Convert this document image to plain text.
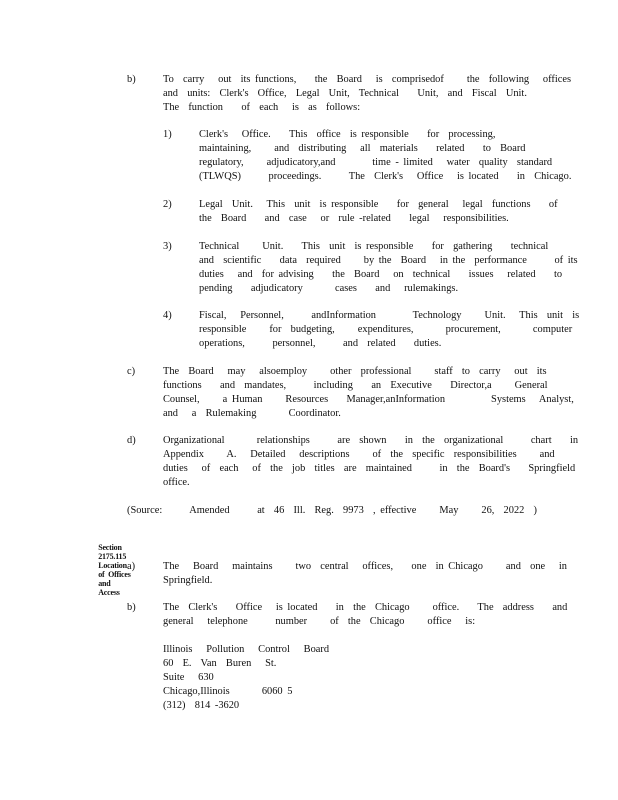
b)	To  carry   out  its functions,    the  Board   is  comprisedof     the  following   offices
and  units:  Clerk's  Office,  Legal  Unit,  Technical    Unit,  and  Fiscal  Unit.
The  function    of  each   is  as  follows:
1)	Clerk's   Office.    This  office  is responsible    for  processing,
maintaining,     and  distributing   all  materials    related    to  Board
regulatory,     adjudicatory,and        time - limited   water  quality  standard
(TLWQS)      proceedings.      The  Clerk's   Office   is located    in  Chicago.
2)	Legal  Unit.   This  unit  is responsible    for  general   legal  functions    of
the  Board    and  case   or  rule -related    legal   responsibilities.
3)	Technical     Unit.    This  unit  is responsible    for  gathering    technical
and  scientific    data  required     by the  Board   in the  performance      of its
duties   and  for advising    the  Board   on  technical    issues   related    to
pending    adjudicatory       cases    and   rulemakings.
4)	Fiscal,   Personnel,      andInformation        Technology     Unit.   This  unit  is
responsible     for  budgeting,     expenditures,       procurement,       computer
operations,      personnel,      and  related    duties.
c)	The  Board   may   alsoemploy     other  professional     staff  to  carry   out  its
functions    and  mandates,      including    an  Executive    Director,a     General
Counsel,     a Human     Resources    Manager,anInformation          Systems   Analyst,
and   a  Rulemaking       Coordinator.
d)	Organizational       relationships      are  shown    in  the  organizational      chart    in
Appendix     A.   Detailed   descriptions     of  the  specific  responsibilities     and
duties   of  each   of  the  job  titles  are  maintained      in  the  Board's    Springfield
office.
(Source:      Amended      at  46  Ill.  Reg.  9973  , effective     May     26,  2022  )

Section
2175.115
Location
of  Offices
and
Access

a)	The   Board   maintains     two  central   offices,    one  in Chicago     and  one   in
Springfield.
b)	The  Clerk's    Office   is located    in  the  Chicago     office.    The  address    and
general   telephone      number     of  the  Chicago     office   is:
Illinois   Pollution   Control   Board
60  E.  Van  Buren   St.
Suite   630
Chicago,Illinois       6060 5
(312)  814 -3620
